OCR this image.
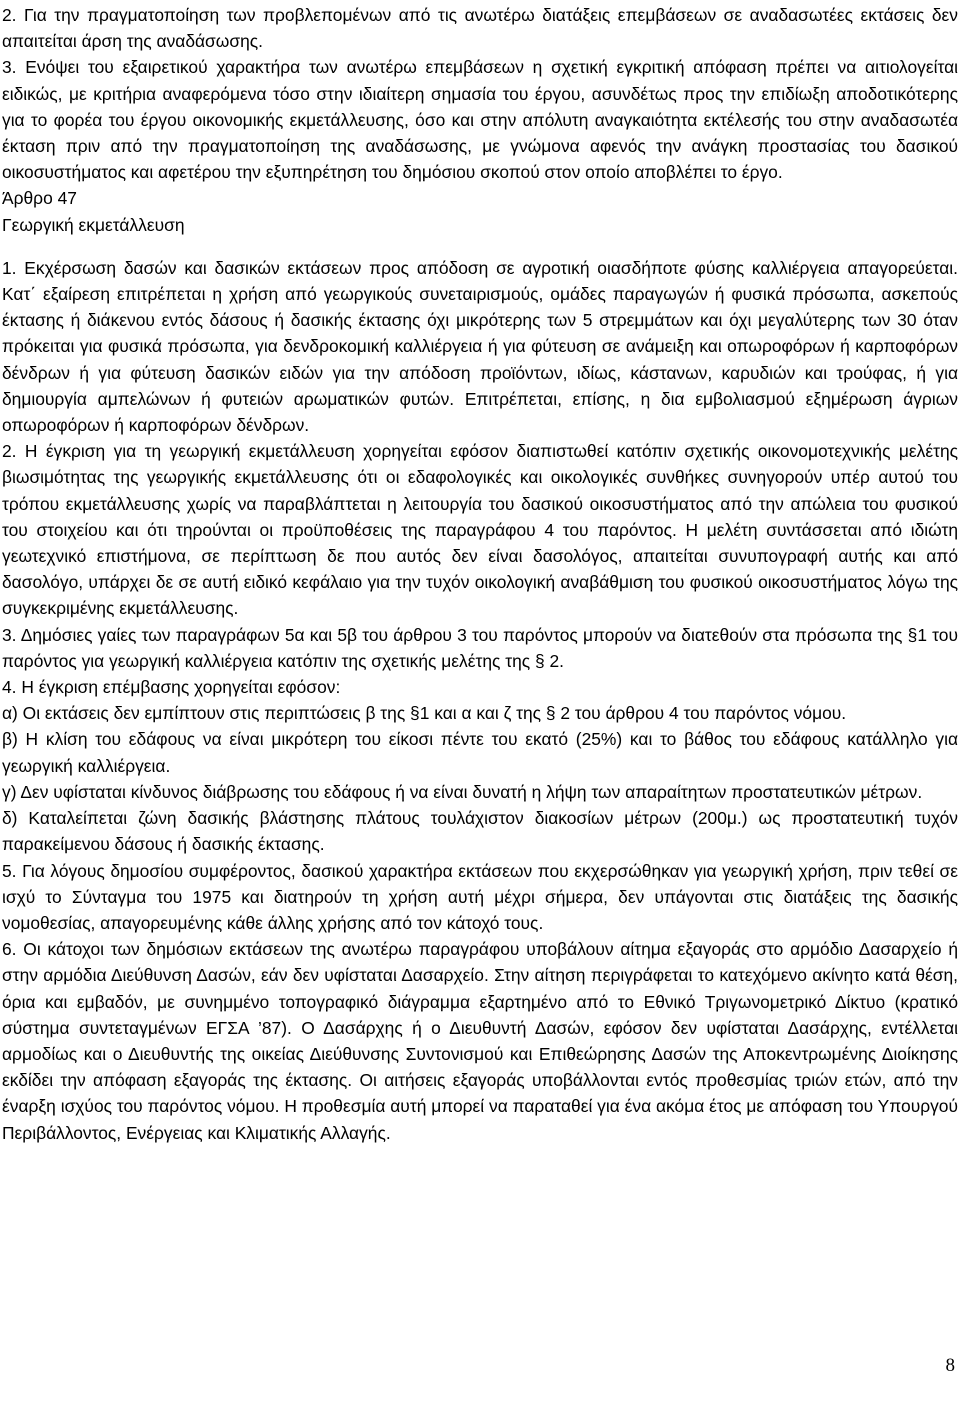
2. Για την πραγματοποίηση των προβλεπομένων από τις ανωτέρω διατάξεις επεμβάσεων σε αναδασωτέες εκτάσεις δεν απαιτείται άρση της αναδάσωσης.

3. Ενόψει του εξαιρετικού χαρακτήρα των ανωτέρω επεμβάσεων η σχετική εγκριτική απόφαση πρέπει να αιτιολογείται ειδικώς, με κριτήρια αναφερόμενα τόσο στην ιδιαίτερη σημασία του έργου, ασυνδέτως προς την επιδίωξη αποδοτικότερης για το φορέα του έργου οικονομικής εκμετάλλευσης, όσο και στην απόλυτη αναγκαιότητα εκτέλεσής του στην αναδασωτέα έκταση πριν από την πραγματοποίηση της αναδάσωσης, με γνώμονα αφενός την ανάγκη προστασίας του δασικού οικοσυστήματος και αφετέρου την εξυπηρέτηση του δημόσιου σκοπού στον οποίο αποβλέπει το έργο.

Άρθρο 47

Γεωργική εκμετάλλευση

1. Εκχέρσωση δασών και δασικών εκτάσεων προς απόδοση σε αγροτική οιασδήποτε φύσης καλλιέργεια απαγορεύεται. Κατ΄ εξαίρεση επιτρέπεται η χρήση από γεωργικούς συνεταιρισμούς, ομάδες παραγωγών ή φυσικά πρόσωπα, ασκεπούς έκτασης ή διάκενου εντός δάσους ή δασικής έκτασης όχι μικρότερης των 5 στρεμμάτων και όχι μεγαλύτερης των 30 όταν πρόκειται για φυσικά πρόσωπα, για δενδροκομική καλλιέργεια ή για φύτευση σε ανάμειξη και οπωροφόρων ή καρποφόρων δένδρων ή για φύτευση δασικών ειδών για την απόδοση προϊόντων, ιδίως, κάστανων, καρυδιών και τρούφας, ή για δημιουργία αμπελώνων ή φυτειών αρωματικών φυτών. Επιτρέπεται, επίσης, η δια εμβολιασμού εξημέρωση άγριων οπωροφόρων ή καρποφόρων δένδρων.

2. Η έγκριση για τη γεωργική εκμετάλλευση χορηγείται εφόσον διαπιστωθεί κατόπιν σχετικής οικονομοτεχνικής μελέτης βιωσιμότητας της γεωργικής εκμετάλλευσης ότι οι εδαφολογικές και οικολογικές συνθήκες συνηγορούν υπέρ αυτού του τρόπου εκμετάλλευσης χωρίς να παραβλάπτεται η λειτουργία του δασικού οικοσυστήματος από την απώλεια του φυσικού του στοιχείου και ότι τηρούνται οι προϋποθέσεις της παραγράφου 4 του παρόντος. Η μελέτη συντάσσεται από ιδιώτη γεωτεχνικό επιστήμονα, σε περίπτωση δε που αυτός δεν είναι δασολόγος, απαιτείται συνυπογραφή αυτής και από δασολόγο, υπάρχει δε σε αυτή ειδικό κεφάλαιο για την τυχόν οικολογική αναβάθμιση του φυσικού οικοσυστήματος λόγω της συγκεκριμένης εκμετάλλευσης.

3. Δημόσιες γαίες των παραγράφων 5α και 5β του άρθρου 3 του παρόντος μπορούν να διατεθούν στα πρόσωπα της §1 του παρόντος για γεωργική καλλιέργεια κατόπιν της σχετικής μελέτης της § 2.

4. Η έγκριση επέμβασης χορηγείται εφόσον:

α) Οι εκτάσεις δεν εμπίπτουν στις περιπτώσεις β της §1 και α και ζ της § 2 του άρθρου 4 του παρόντος νόμου.

β) Η κλίση του εδάφους να είναι μικρότερη του είκοσι πέντε του εκατό (25%) και το βάθος του εδάφους κατάλληλο για γεωργική καλλιέργεια.

γ) Δεν υφίσταται κίνδυνος διάβρωσης του εδάφους ή να είναι δυνατή η λήψη των απαραίτητων προστατευτικών μέτρων.

δ) Καταλείπεται ζώνη δασικής βλάστησης πλάτους τουλάχιστον διακοσίων μέτρων (200μ.) ως προστατευτική τυχόν παρακείμενου δάσους ή δασικής έκτασης.

5. Για λόγους δημοσίου συμφέροντος, δασικού χαρακτήρα εκτάσεων που εκχερσώθηκαν για γεωργική χρήση, πριν τεθεί σε ισχύ το Σύνταγμα του 1975 και διατηρούν τη χρήση αυτή μέχρι σήμερα, δεν υπάγονται στις διατάξεις της δασικής νομοθεσίας, απαγορευμένης κάθε άλλης χρήσης από τον κάτοχό τους.

6. Οι κάτοχοι των δημόσιων εκτάσεων της ανωτέρω παραγράφου υποβάλουν αίτημα εξαγοράς στο αρμόδιο Δασαρχείο ή στην αρμόδια Διεύθυνση Δασών, εάν δεν υφίσταται Δασαρχείο. Στην αίτηση περιγράφεται το κατεχόμενο ακίνητο κατά θέση, όρια και εμβαδόν, με συνημμένο τοπογραφικό διάγραμμα εξαρτημένο από το Εθνικό Τριγωνομετρικό Δίκτυο (κρατικό σύστημα συντεταγμένων ΕΓΣΑ ’87). Ο Δασάρχης ή ο Διευθυντή Δασών, εφόσον δεν υφίσταται Δασάρχης, εντέλλεται αρμοδίως και ο Διευθυντής της οικείας Διεύθυνσης Συντονισμού και Επιθεώρησης Δασών της Αποκεντρωμένης Διοίκησης εκδίδει την απόφαση εξαγοράς της έκτασης. Οι αιτήσεις εξαγοράς υποβάλλονται εντός προθεσμίας τριών ετών, από την έναρξη ισχύος του παρόντος νόμου. Η προθεσμία αυτή μπορεί να παραταθεί για ένα ακόμα έτος με απόφαση του Υπουργού Περιβάλλοντος, Ενέργειας και Κλιματικής Αλλαγής.

8
